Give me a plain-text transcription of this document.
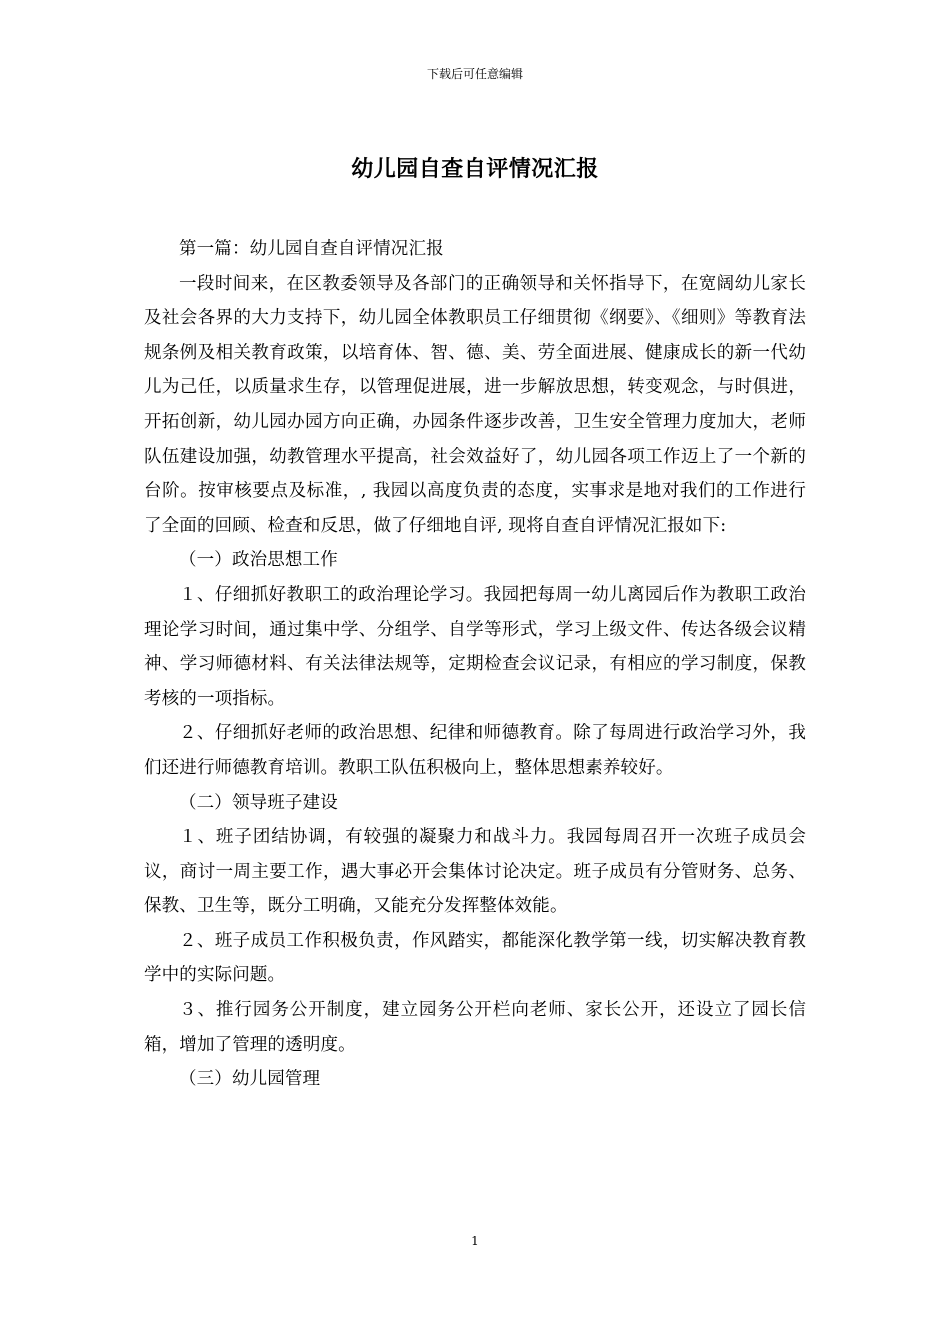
下载后可任意编辑
幼儿园自查自评情况汇报

第一篇：幼儿园自查自评情况汇报

一段时间来，在区教委领导及各部门的正确领导和关怀指导下，在宽阔幼儿家长及社会各界的大力支持下，幼儿园全体教职员工仔细贯彻《纲要》、《细则》等教育法规条例及相关教育政策，以培育体、智、德、美、劳全面进展、健康成长的新一代幼儿为己任，以质量求生存，以管理促进展，进一步解放思想，转变观念，与时俱进，开拓创新，幼儿园办园方向正确，办园条件逐步改善，卫生安全管理力度加大，老师队伍建设加强，幼教管理水平提高，社会效益好了，幼儿园各项工作迈上了一个新的台阶。按审核要点及标准，, 我园以高度负责的态度，实事求是地对我们的工作进行了全面的回顾、检查和反思，做了仔细地自评, 现将自查自评情况汇报如下:

（一）政治思想工作

１、仔细抓好教职工的政治理论学习。我园把每周一幼儿离园后作为教职工政治理论学习时间，通过集中学、分组学、自学等形式，学习上级文件、传达各级会议精神、学习师德材料、有关法律法规等，定期检查会议记录，有相应的学习制度，保教考核的一项指标。

２、仔细抓好老师的政治思想、纪律和师德教育。除了每周进行政治学习外，我们还进行师德教育培训。教职工队伍积极向上，整体思想素养较好。

（二）领导班子建设

１、班子团结协调，有较强的凝聚力和战斗力。我园每周召开一次班子成员会议，商讨一周主要工作，遇大事必开会集体讨论决定。班子成员有分管财务、总务、保教、卫生等，既分工明确，又能充分发挥整体效能。

２、班子成员工作积极负责，作风踏实，都能深化教学第一线，切实解决教育教学中的实际问题。

３、推行园务公开制度，建立园务公开栏向老师、家长公开，还设立了园长信箱，增加了管理的透明度。

（三）幼儿园管理

1
